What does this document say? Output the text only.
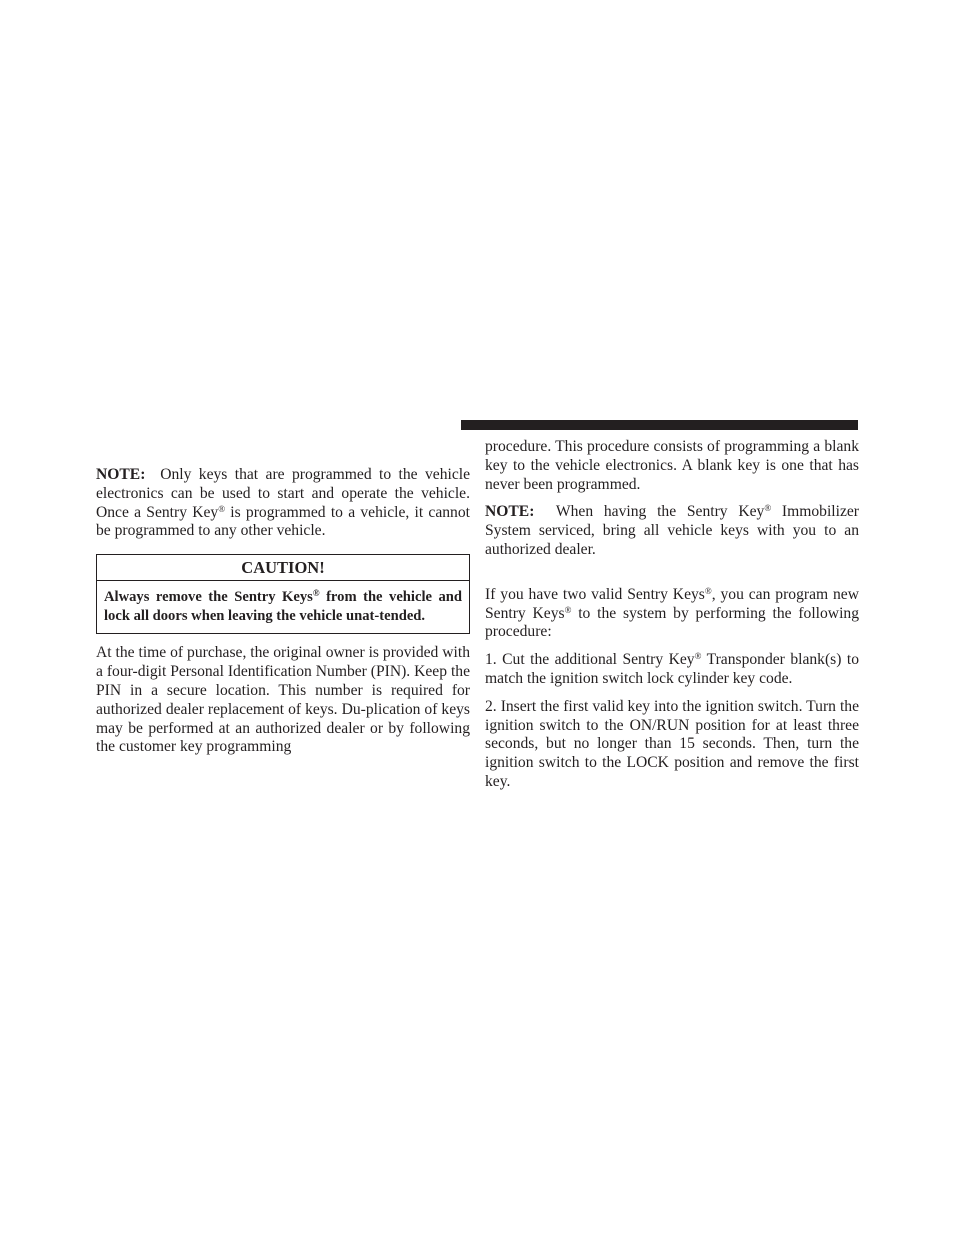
NOTE: Only keys that are programmed to the vehicle electronics can be used to start and operate the vehicle. Once a Sentry Key® is programmed to a vehicle, it cannot be programmed to any other vehicle.

CAUTION!
Always remove the Sentry Keys® from the vehicle and lock all doors when leaving the vehicle unat-tended.

At the time of purchase, the original owner is provided with a four-digit Personal Identification Number (PIN). Keep the PIN in a secure location. This number is required for authorized dealer replacement of keys. Du-plication of keys may be performed at an authorized dealer or by following the customer key programming

procedure. This procedure consists of programming a blank key to the vehicle electronics. A blank key is one that has never been programmed.

NOTE: When having the Sentry Key® Immobilizer System serviced, bring all vehicle keys with you to an authorized dealer.

If you have two valid Sentry Keys®, you can program new Sentry Keys® to the system by performing the following procedure:

1. Cut the additional Sentry Key® Transponder blank(s) to match the ignition switch lock cylinder key code.

2. Insert the first valid key into the ignition switch. Turn the ignition switch to the ON/RUN position for at least three seconds, but no longer than 15 seconds. Then, turn the ignition switch to the LOCK position and remove the first key.
